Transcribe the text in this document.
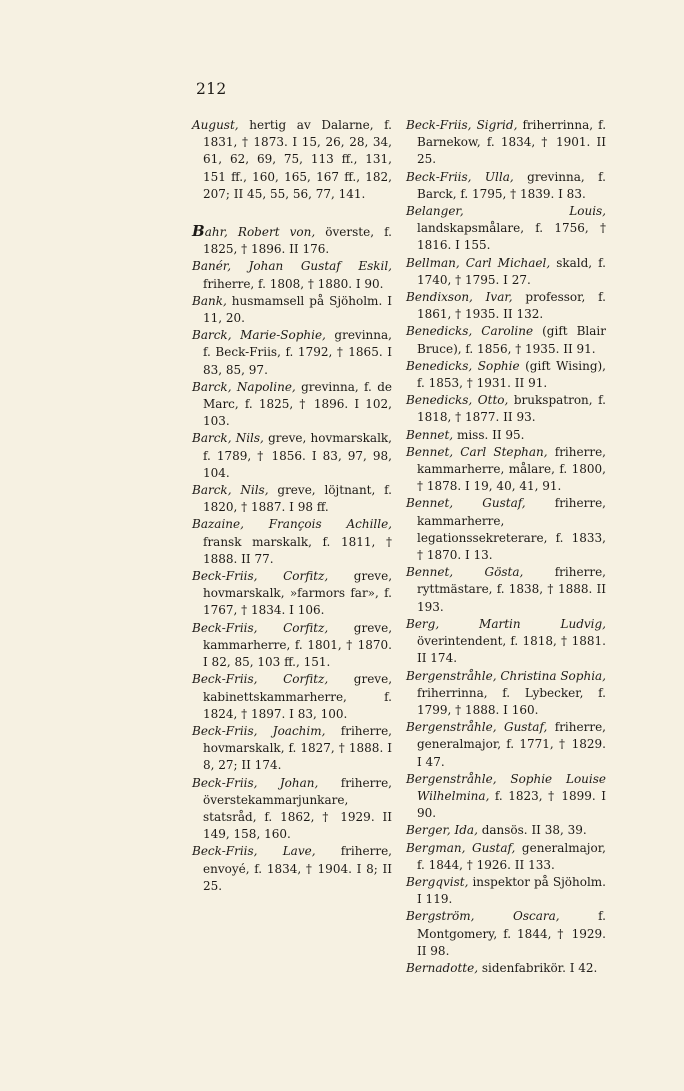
212

August, hertig av Dalarne, f. 1831, † 1873. I 15, 26, 28, 34, 61, 62, 69, 75, 113 ff., 131, 151 ff., 160, 165, 167 ff., 182, 207; II 45, 55, 56, 77, 141.

Bahr, Robert von, överste, f. 1825, † 1896. II 176.

Banér, Johan Gustaf Eskil, friherre, f. 1808, † 1880. I 90.

Bank, husmamsell på Sjöholm. I 11, 20.

Barck, Marie-Sophie, grevinna, f. Beck-Friis, f. 1792, † 1865. I 83, 85, 97.

Barck, Napoline, grevinna, f. de Marc, f. 1825, † 1896. I 102, 103.

Barck, Nils, greve, hovmarskalk, f. 1789, † 1856. I 83, 97, 98, 104.

Barck, Nils, greve, löjtnant, f. 1820, † 1887. I 98 ff.

Bazaine, François Achille, fransk marskalk, f. 1811, † 1888. II 77.

Beck-Friis, Corfitz, greve, hovmarskalk, »farmors far», f. 1767, † 1834. I 106.

Beck-Friis, Corfitz, greve, kammarherre, f. 1801, † 1870. I 82, 85, 103 ff., 151.

Beck-Friis, Corfitz, greve, kabinettskammarherre, f. 1824, † 1897. I 83, 100.

Beck-Friis, Joachim, friherre, hovmarskalk, f. 1827, † 1888. I 8, 27; II 174.

Beck-Friis, Johan, friherre, överstekammarjunkare, statsråd, f. 1862, † 1929. II 149, 158, 160.

Beck-Friis, Lave, friherre, envoyé, f. 1834, † 1904. I 8; II 25.

Beck-Friis, Sigrid, friherrinna, f. Barnekow, f. 1834, † 1901. II 25.

Beck-Friis, Ulla, grevinna, f. Barck, f. 1795, † 1839. I 83.

Belanger, Louis, landskapsmålare, f. 1756, † 1816. I 155.

Bellman, Carl Michael, skald, f. 1740, † 1795. I 27.

Bendixson, Ivar, professor, f. 1861, † 1935. II 132.

Benedicks, Caroline (gift Blair Bruce), f. 1856, † 1935. II 91.

Benedicks, Sophie (gift Wising), f. 1853, † 1931. II 91.

Benedicks, Otto, brukspatron, f. 1818, † 1877. II 93.

Bennet, miss. II 95.

Bennet, Carl Stephan, friherre, kammarherre, målare, f. 1800, † 1878. I 19, 40, 41, 91.

Bennet, Gustaf, friherre, kammarherre, legationssekreterare, f. 1833, † 1870. I 13.

Bennet, Gösta, friherre, ryttmästare, f. 1838, † 1888. II 193.

Berg, Martin Ludvig, överintendent, f. 1818, † 1881. II 174.

Bergenstråhle, Christina Sophia, friherrinna, f. Lybecker, f. 1799, † 1888. I 160.

Bergenstråhle, Gustaf, friherre, generalmajor, f. 1771, † 1829. I 47.

Bergenstråhle, Sophie Louise Wilhelmina, f. 1823, † 1899. I 90.

Berger, Ida, dansös. II 38, 39.

Bergman, Gustaf, generalmajor, f. 1844, † 1926. II 133.

Bergqvist, inspektor på Sjöholm. I 119.

Bergström, Oscara, f. Montgomery, f. 1844, † 1929. II 98.

Bernadotte, sidenfabrikör. I 42.
